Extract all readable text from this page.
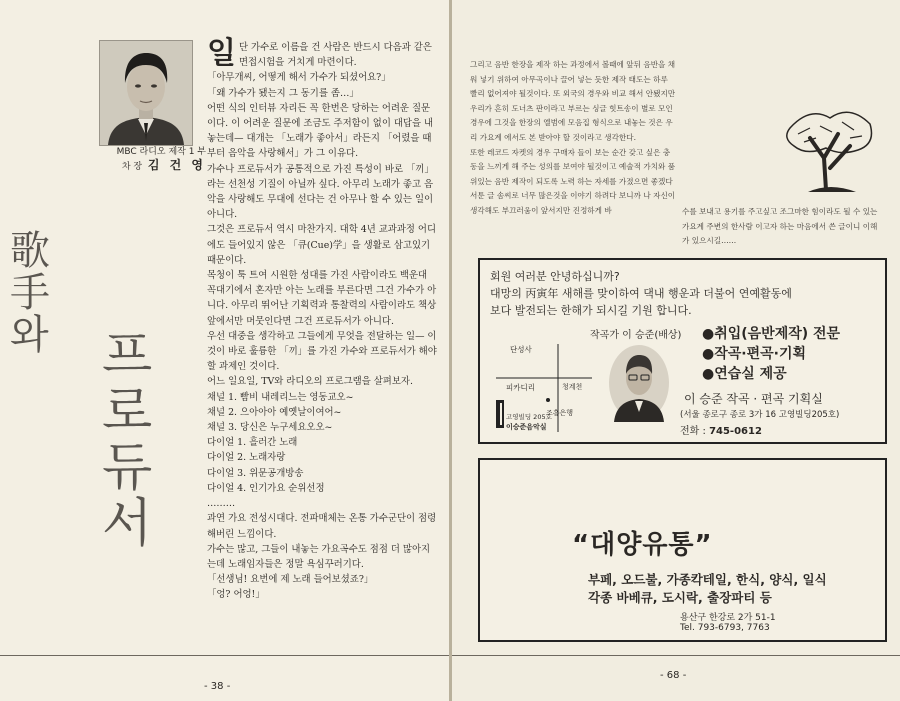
MBC 라디오 제작 1 부
차 장 김 건 영
歌
手
와 프
로
듀
서

일단 가수로 이름을 건 사람은 반드시 다음과 같은 면접시험을 거치게 마련이다.

「아무개씨, 어떻게 해서 가수가 되셨어요?」

「왜 가수가 됐는지 그 동기를 좀…」

어떤 식의 인터뷰 자리든 꼭 한번은 당하는 어려운 질문이다. 이 어려운 질문에 조금도 주저함이 없이 대답을 내놓는데— 대개는 「노래가 좋아서」라든지 「어렸을 때부터 음악을 사랑해서」가 그 이유다.

가수나 프로듀서가 공통적으로 가진 특성이 바로 「끼」라는 선천성 기질이 아닐까 싶다. 아무리 노래가 좋고 음악을 사랑해도 무대에 선다는 건 아무나 할 수 있는 일이 아니다.

그것은 프로듀서 역시 마찬가지. 대학 4년 교과과정 어디에도 들어있지 않은 「큐(Cue)学」을 생활로 삼고있기 때문이다.

목청이 툭 트여 시원한 성대를 가진 사람이라도 백운대 꼭대기에서 혼자만 아는 노래를 부른다면 그건 가수가 아니다. 아무리 뛰어난 기획력과 통찰력의 사람이라도 책상 앞에서만 머뭇인다면 그건 프로듀서가 아니다.

우선 대중을 생각하고 그들에게 무엇을 전달하는 일— 이것이 바로 훌륭한 「끼」를 가진 가수와 프로듀서가 해야할 과제인 것이다.

어느 일요일, TV와 라디오의 프로그램을 살펴보자.

채널 1. 빰비 내레리느는 영동교오~

채널 2. 으아아아 예옛날이여어~

채널 3. 당신은 누구세요오오~

다이얼 1. 흘러간 노래

다이얼 2. 노래자랑

다이얼 3. 위문공개방송

다이얼 4. 인기가요 순위선정

………

과연 가요 전성시대다. 전파매체는 온통 가수군단이 점령해버린 느낌이다.

가수는 많고, 그들이 내놓는 가요곡수도 점점 더 많아지는데 노래임자들은 정말 욕심꾸러기다.

「선생님! 요번에 제 노래 들어보셨죠?」

「엉? 어엉!」

- 38 -

그리고 음반 한장을 제작 하는 과정에서 볼때에 앞뒤 음반을 채워 넣기 위하여 아무곡이나 끌어 넣는 듯한 제작 태도는 하루 빨리 없어져야 될것이다. 또 외국의 경우와 비교 해서 안됐지만 우리가 흔히 도너츠 판이라고 부르는 싱글 힛트송이 별로 모인 경우에 그것을 한장의 엘범에 모음집 형식으로 내놓는 것은 우리 가요계 에서도 본 받아야 할 것이라고 생각한다.

또한 레코드 자켓의 경우 구매자 들이 보는 순간 갖고 싶은 충동을 느끼게 해 주는 성의를 보여야 될것이고 예술적 가치와 품위있는 음반 제작이 되도록 노력 하는 자세를 가졌으면 좋겠다 서툰 글 솜씨로 너무 많은것을 이야기 하려다 보니까 나 자신이 생각해도 부끄러움이 앞서지만 진정하게 바	수를 보내고 용기를 주고싶고 조그마한 힘이라도 될 수 있는 가요계 주변의 한사람 이고자 하는 마음에서 쓴 글이니 이해가 있으시길……
회원 여러분 안녕하십니까?
대망의 丙寅年 새해를 맞이하여 댁내 행운과 더불어 연예활동에
보다 발전되는 한해가 되시길 기원 합니다.
작곡가 이 승준(배상)
단성사
피카디리	청계천
조흥은행
고영빌딩 205호
이승준음악실
●취입(음반제작) 전문
●작곡·편곡·기획
●연습실 제공
이 승준 작곡 · 편곡 기획실
(서울 종로구 종로 3가 16 고영빌딩205호)
전화 : 745-0612
“대양유통”
부페, 오드불, 가종칵테일, 한식, 양식, 일식
각종 바베큐, 도시락, 출장파티 등
용산구 한강로 2가 51-1
Tel. 793-6793, 7763
- 68 -
